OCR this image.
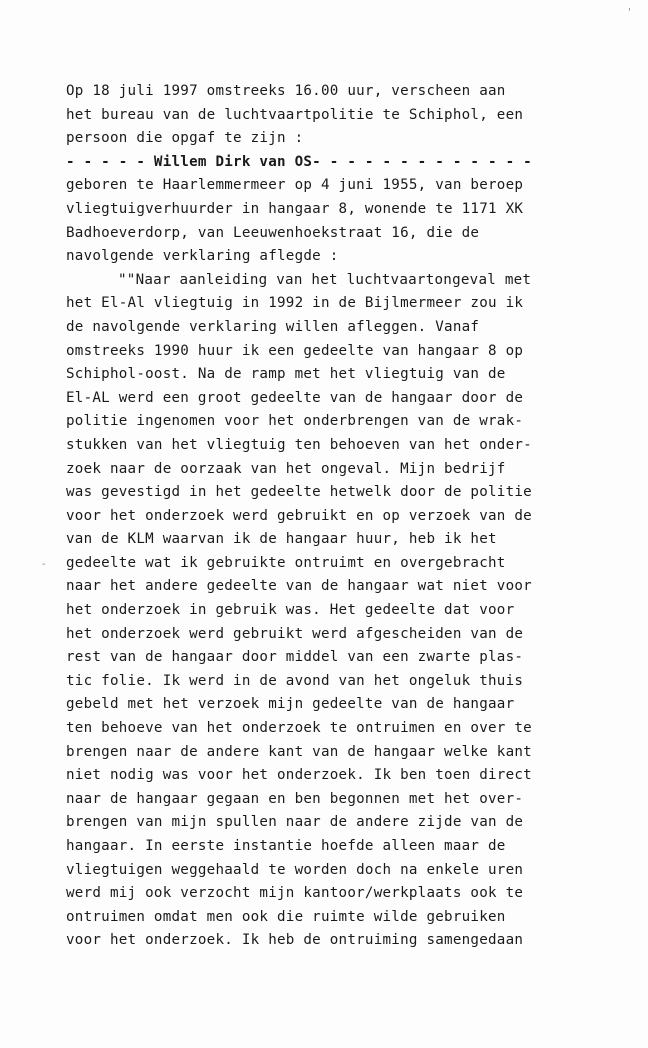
'
-
Op 18 juli 1997 omstreeks 16.00 uur, verscheen aan
het bureau van de luchtvaartpolitie te Schiphol, een
persoon die opgaf te zijn :
- - - - - Willem Dirk van OS- - - - - - - - - - - - -
geboren te Haarlemmermeer op 4 juni 1955, van beroep
vliegtuigverhuurder in hangaar 8, wonende te 1171 XK
Badhoeverdorp, van Leeuwenhoekstraat 16, die de
navolgende verklaring aflegde :
""Naar aanleiding van het luchtvaartongeval met
het El-Al vliegtuig in 1992 in de Bijlmermeer zou ik
de navolgende verklaring willen afleggen. Vanaf
omstreeks 1990 huur ik een gedeelte van hangaar 8 op
Schiphol-oost. Na de ramp met het vliegtuig van de
El-AL werd een groot gedeelte van de hangaar door de
politie ingenomen voor het onderbrengen van de wrak-
stukken van het vliegtuig ten behoeven van het onder-
zoek naar de oorzaak van het ongeval. Mijn bedrijf
was gevestigd in het gedeelte hetwelk door de politie
voor het onderzoek werd gebruikt en op verzoek van de
van de KLM waarvan ik de hangaar huur, heb ik het
gedeelte wat ik gebruikte ontruimt en overgebracht
naar het andere gedeelte van de hangaar wat niet voor
het onderzoek in gebruik was. Het gedeelte dat voor
het onderzoek werd gebruikt werd afgescheiden van de
rest van de hangaar door middel van een zwarte plas-
tic folie. Ik werd in de avond van het ongeluk thuis
gebeld met het verzoek mijn gedeelte van de hangaar
ten behoeve van het onderzoek te ontruimen en over te
brengen naar de andere kant van de hangaar welke kant
niet nodig was voor het onderzoek. Ik ben toen direct
naar de hangaar gegaan en ben begonnen met het over-
brengen van mijn spullen naar de andere zijde van de
hangaar. In eerste instantie hoefde alleen maar de
vliegtuigen weggehaald te worden doch na enkele uren
werd mij ook verzocht mijn kantoor/werkplaats ook te
ontruimen omdat men ook die ruimte wilde gebruiken
voor het onderzoek. Ik heb de ontruiming samengedaan
